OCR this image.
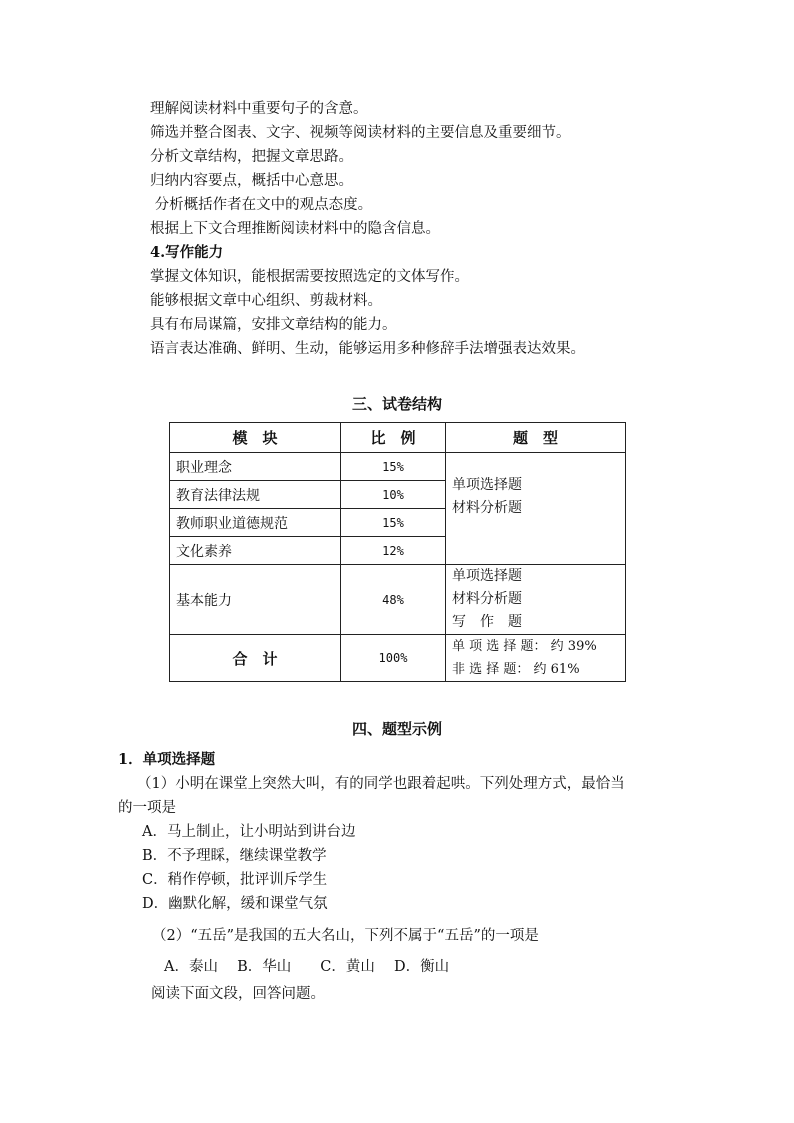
理解阅读材料中重要句子的含意。
筛选并整合图表、文字、视频等阅读材料的主要信息及重要细节。
分析文章结构，把握文章思路。
归纳内容要点，概括中心意思。
分析概括作者在文中的观点态度。
根据上下文合理推断阅读材料中的隐含信息。
4.写作能力
掌握文体知识，能根据需要按照选定的文体写作。
能够根据文章中心组织、剪裁材料。
具有布局谋篇，安排文章结构的能力。
语言表达准确、鲜明、生动，能够运用多种修辞手法增强表达效果。
三、试卷结构
模　块	比　例	题　型
职业理念	15%	单项选择题
材料分析题

教育法律法规	10%	
教师职业道德规范	15%	
文化素养	12%	
基本能力	48%	单项选择题
材料分析题
写　作　题

合　计	100%	单 项 选 择 题： 约 39%
非 选 择 题： 约 61%
四、题型示例
1．单项选择题
（1）小明在课堂上突然大叫，有的同学也跟着起哄。下列处理方式，最恰当
的一项是
A．马上制止，让小明站到讲台边
B．不予理睬，继续课堂教学
C．稍作停顿，批评训斥学生
D．幽默化解，缓和课堂气氛
（2）“五岳”是我国的五大名山，下列不属于“五岳”的一项是
A．泰山　 B．华山　　C．黄山　 D．衡山
阅读下面文段，回答问题。
